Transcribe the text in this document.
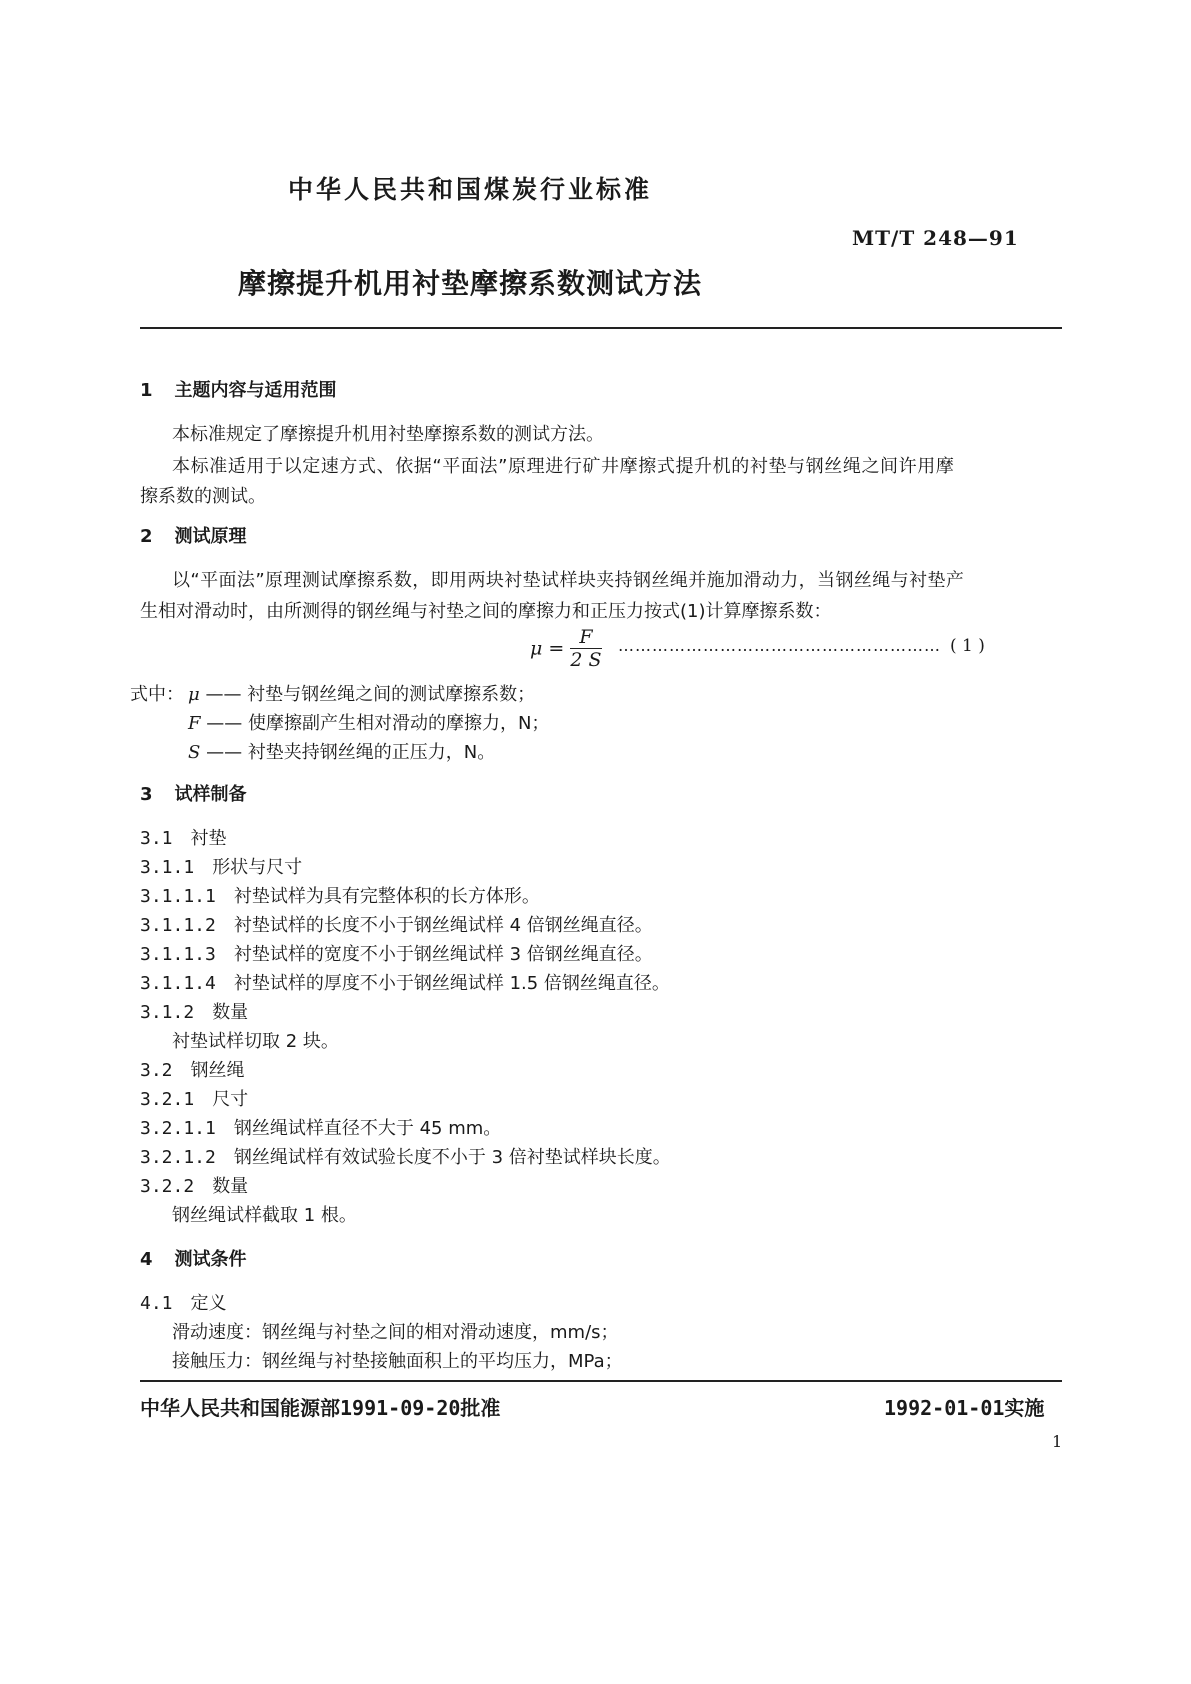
中华人民共和国煤炭行业标准
MT/T 248—91
摩擦提升机用衬垫摩擦系数测试方法
1 主题内容与适用范围
本标准规定了摩擦提升机用衬垫摩擦系数的测试方法。
本标准适用于以定速方式、依据“平面法”原理进行矿井摩擦式提升机的衬垫与钢丝绳之间许用摩
擦系数的测试。
2 测试原理
以“平面法”原理测试摩擦系数，即用两块衬垫试样块夹持钢丝绳并施加滑动力，当钢丝绳与衬垫产
生相对滑动时，由所测得的钢丝绳与衬垫之间的摩擦力和正压力按式(1)计算摩擦系数：
$\mu = \frac{F}{2 S}$ ………………………………………………… ( 1 )
式中： μ —— 衬垫与钢丝绳之间的测试摩擦系数；
F —— 使摩擦副产生相对滑动的摩擦力，N；
S —— 衬垫夹持钢丝绳的正压力，N。
3 试样制备
3.1 衬垫
3.1.1 形状与尺寸
3.1.1.1 衬垫试样为具有完整体积的长方体形。
3.1.1.2 衬垫试样的长度不小于钢丝绳试样 4 倍钢丝绳直径。
3.1.1.3 衬垫试样的宽度不小于钢丝绳试样 3 倍钢丝绳直径。
3.1.1.4 衬垫试样的厚度不小于钢丝绳试样 1.5 倍钢丝绳直径。
3.1.2 数量
衬垫试样切取 2 块。
3.2 钢丝绳
3.2.1 尺寸
3.2.1.1 钢丝绳试样直径不大于 45 mm。
3.2.1.2 钢丝绳试样有效试验长度不小于 3 倍衬垫试样块长度。
3.2.2 数量
钢丝绳试样截取 1 根。
4 测试条件
4.1 定义
滑动速度：钢丝绳与衬垫之间的相对滑动速度，mm/s；
接触压力：钢丝绳与衬垫接触面积上的平均压力，MPa；
中华人民共和国能源部1991-09-20批准	1992-01-01实施
1
